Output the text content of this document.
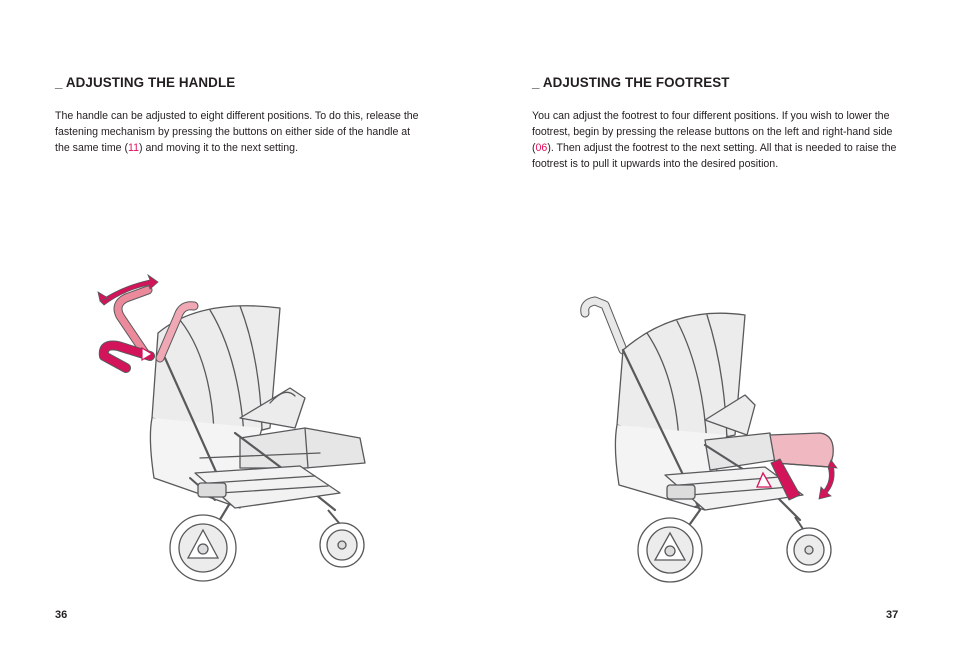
_ ADJUSTING THE HANDLE

The handle can be adjusted to eight different positions. To do this, release the fastening mechanism by pressing the buttons on either side of the handle at the same time (11) and moving it to the next setting.

36

_ ADJUSTING THE FOOTREST

You can adjust the footrest to four different positions. If you wish to lower the footrest, begin by pressing the release buttons on the left and right-hand side (06). Then adjust the footrest to the next setting. All that is needed to raise the footrest is to pull it upwards into the desired position.

37
